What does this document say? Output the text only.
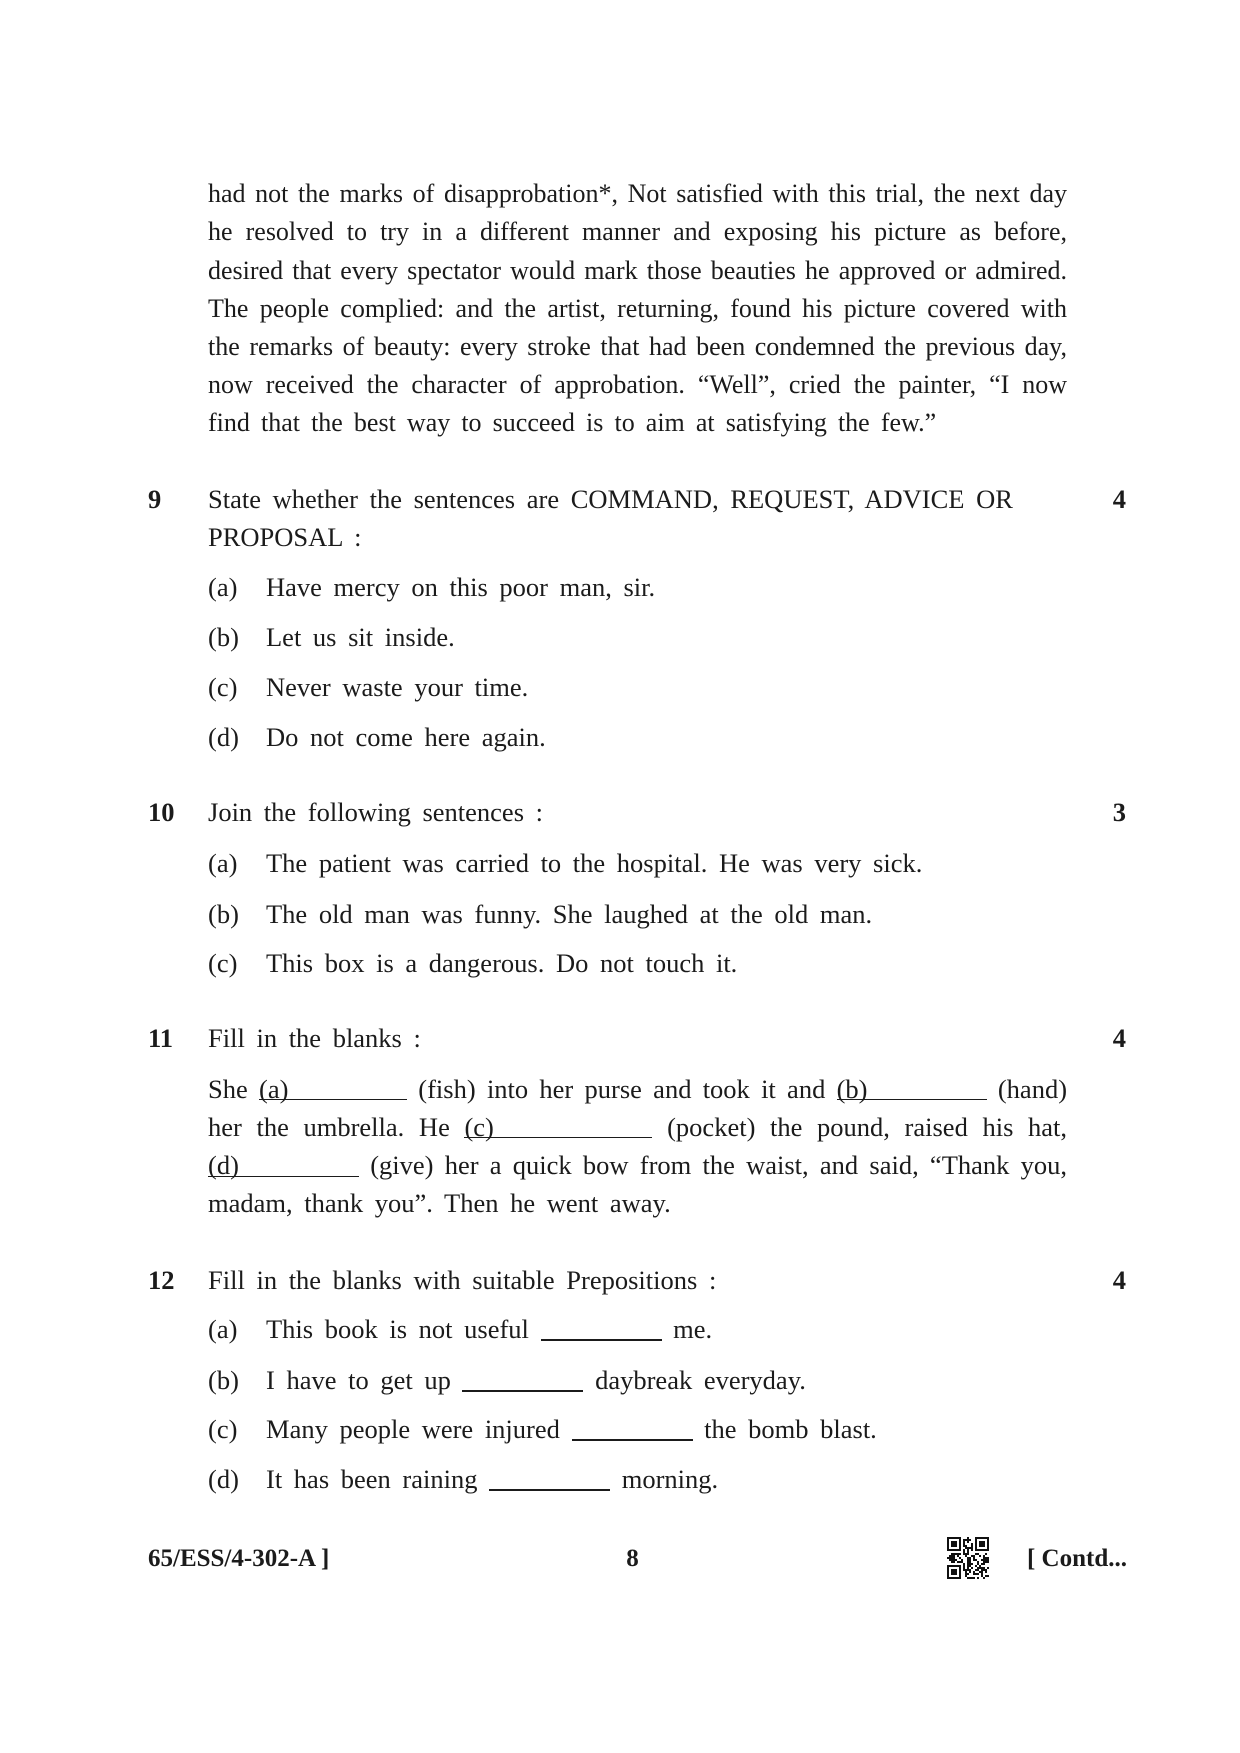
had not the marks of disapprobation*, Not satisfied with this trial, the next day
he resolved to try in a different manner and exposing his picture as before,
desired that every spectator would mark those beauties he approved or admired.
The people complied: and the artist, returning, found his picture covered with
the remarks of beauty: every stroke that had been condemned the previous day,
now received the character of approbation. “Well”, cried the painter, “I now
find that the best way to succeed is to aim at satisfying the few.”
9	4
State whether the sentences are COMMAND, REQUEST, ADVICE OR
PROPOSAL :
(a) Have mercy on this poor man, sir.
(b) Let us sit inside.
(c) Never waste your time.
(d) Do not come here again.
10	3
Join the following sentences :
(a) The patient was carried to the hospital. He was very sick.
(b) The old man was funny. She laughed at the old man.
(c) This box is a dangerous. Do not touch it.
11	4
Fill in the blanks :
She (a)	(fish) into her purse and took it and (b)	(hand)
her the umbrella. He (c)	(pocket) the pound, raised his hat,
(d)	(give) her a quick bow from the waist, and said, “Thank you,
madam, thank you”. Then he went away.
12	4
Fill in the blanks with suitable Prepositions :
(a) This book is not useful	me.
(b) I have to get up	daybreak everyday.
(c) Many people were injured	the bomb blast.
(d) It has been raining	morning.
65/ESS/4-302-A ]	8	[ Contd...
